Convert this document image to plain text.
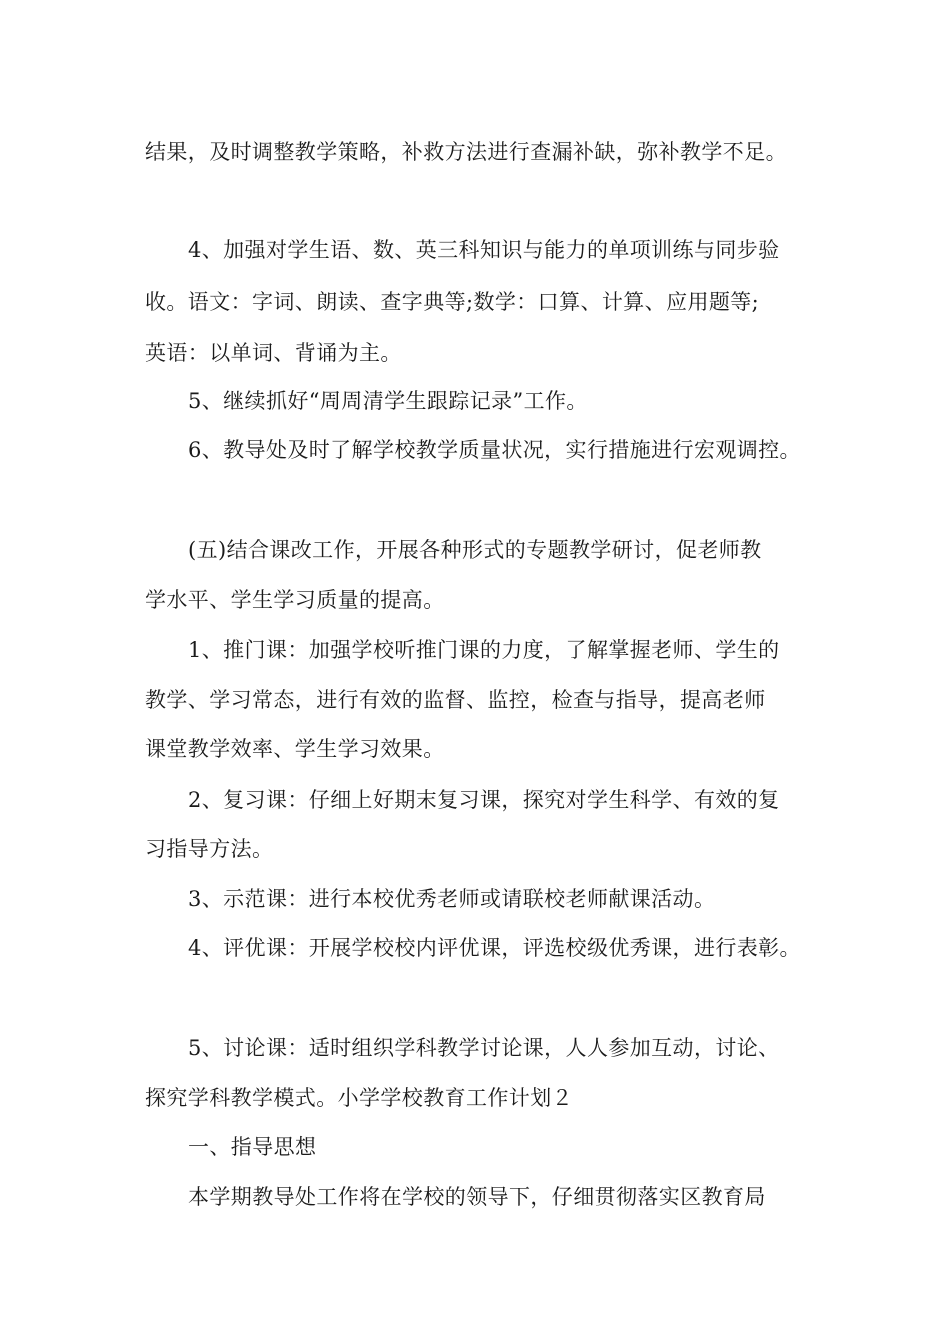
结果，及时调整教学策略，补救方法进行查漏补缺，弥补教学不足。
4、加强对学生语、数、英三科知识与能力的单项训练与同步验
收。语文：字词、朗读、查字典等;数学：口算、计算、应用题等;
英语：以单词、背诵为主。
5、继续抓好“周周清学生跟踪记录”工作。
6、教导处及时了解学校教学质量状况，实行措施进行宏观调控。
(五)结合课改工作，开展各种形式的专题教学研讨，促老师教
学水平、学生学习质量的提高。
1、推门课：加强学校听推门课的力度，了解掌握老师、学生的
教学、学习常态，进行有效的监督、监控，检查与指导，提高老师
课堂教学效率、学生学习效果。
2、复习课：仔细上好期末复习课，探究对学生科学、有效的复
习指导方法。
3、示范课：进行本校优秀老师或请联校老师献课活动。
4、评优课：开展学校校内评优课，评选校级优秀课，进行表彰。
5、讨论课：适时组织学科教学讨论课，人人参加互动，讨论、
探究学科教学模式。小学学校教育工作计划２
一、指导思想
本学期教导处工作将在学校的领导下，仔细贯彻落实区教育局
